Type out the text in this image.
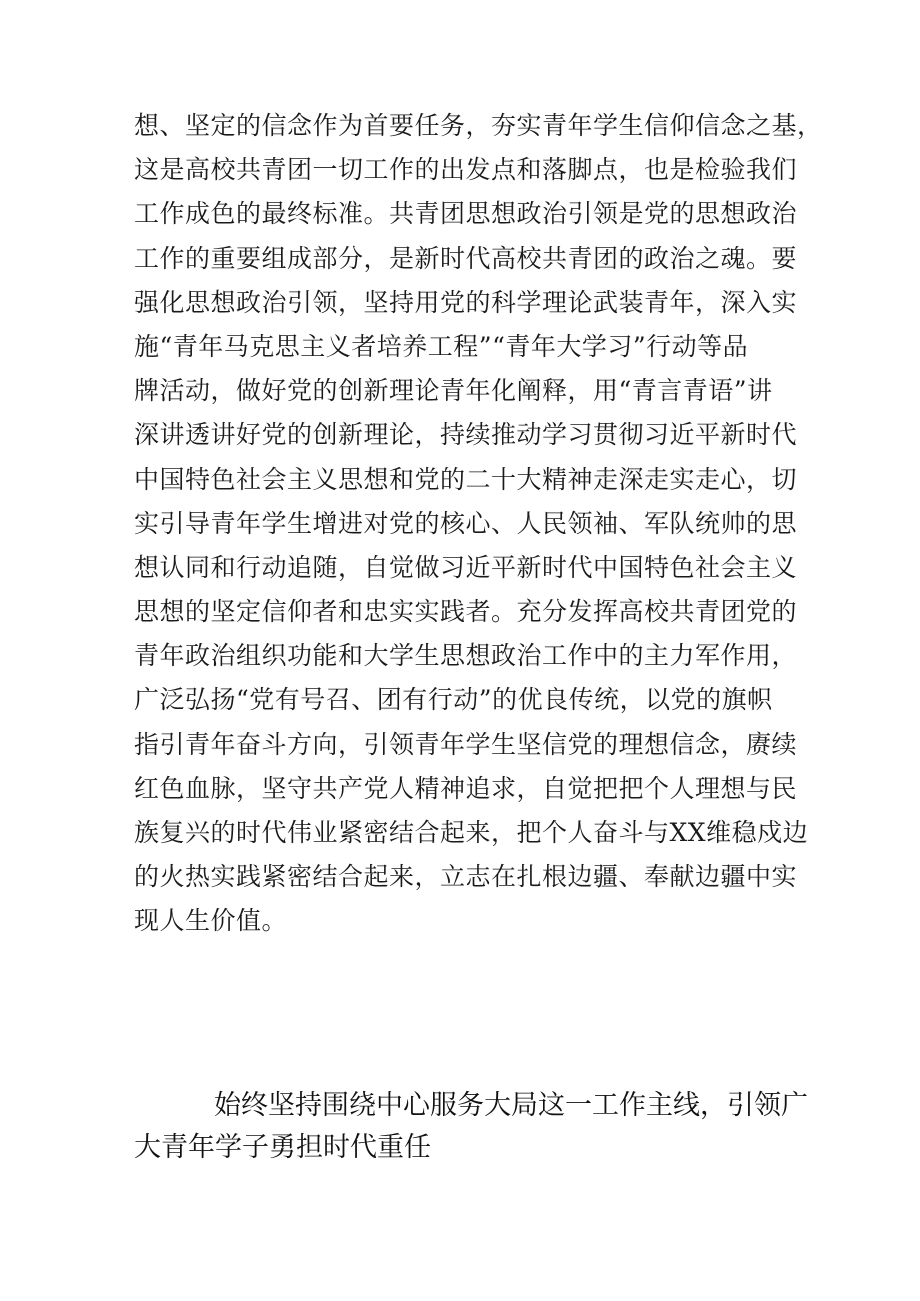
想、坚定的信念作为首要任务，夯实青年学生信仰信念之基，
这是高校共青团一切工作的出发点和落脚点，也是检验我们
工作成色的最终标准。共青团思想政治引领是党的思想政治
工作的重要组成部分，是新时代高校共青团的政治之魂。要
强化思想政治引领，坚持用党的科学理论武装青年，深入实
施“青年马克思主义者培养工程”“青年大学习”行动等品
牌活动，做好党的创新理论青年化阐释，用“青言青语”讲
深讲透讲好党的创新理论，持续推动学习贯彻习近平新时代
中国特色社会主义思想和党的二十大精神走深走实走心，切
实引导青年学生增进对党的核心、人民领袖、军队统帅的思
想认同和行动追随，自觉做习近平新时代中国特色社会主义
思想的坚定信仰者和忠实实践者。充分发挥高校共青团党的
青年政治组织功能和大学生思想政治工作中的主力军作用，
广泛弘扬“党有号召、团有行动”的优良传统，以党的旗帜
指引青年奋斗方向，引领青年学生坚信党的理想信念，赓续
红色血脉，坚守共产党人精神追求，自觉把把个人理想与民
族复兴的时代伟业紧密结合起来，把个人奋斗与XX维稳戍边
的火热实践紧密结合起来，立志在扎根边疆、奉献边疆中实
现人生价值。

始终坚持围绕中心服务大局这一工作主线，引领广
大青年学子勇担时代重任
